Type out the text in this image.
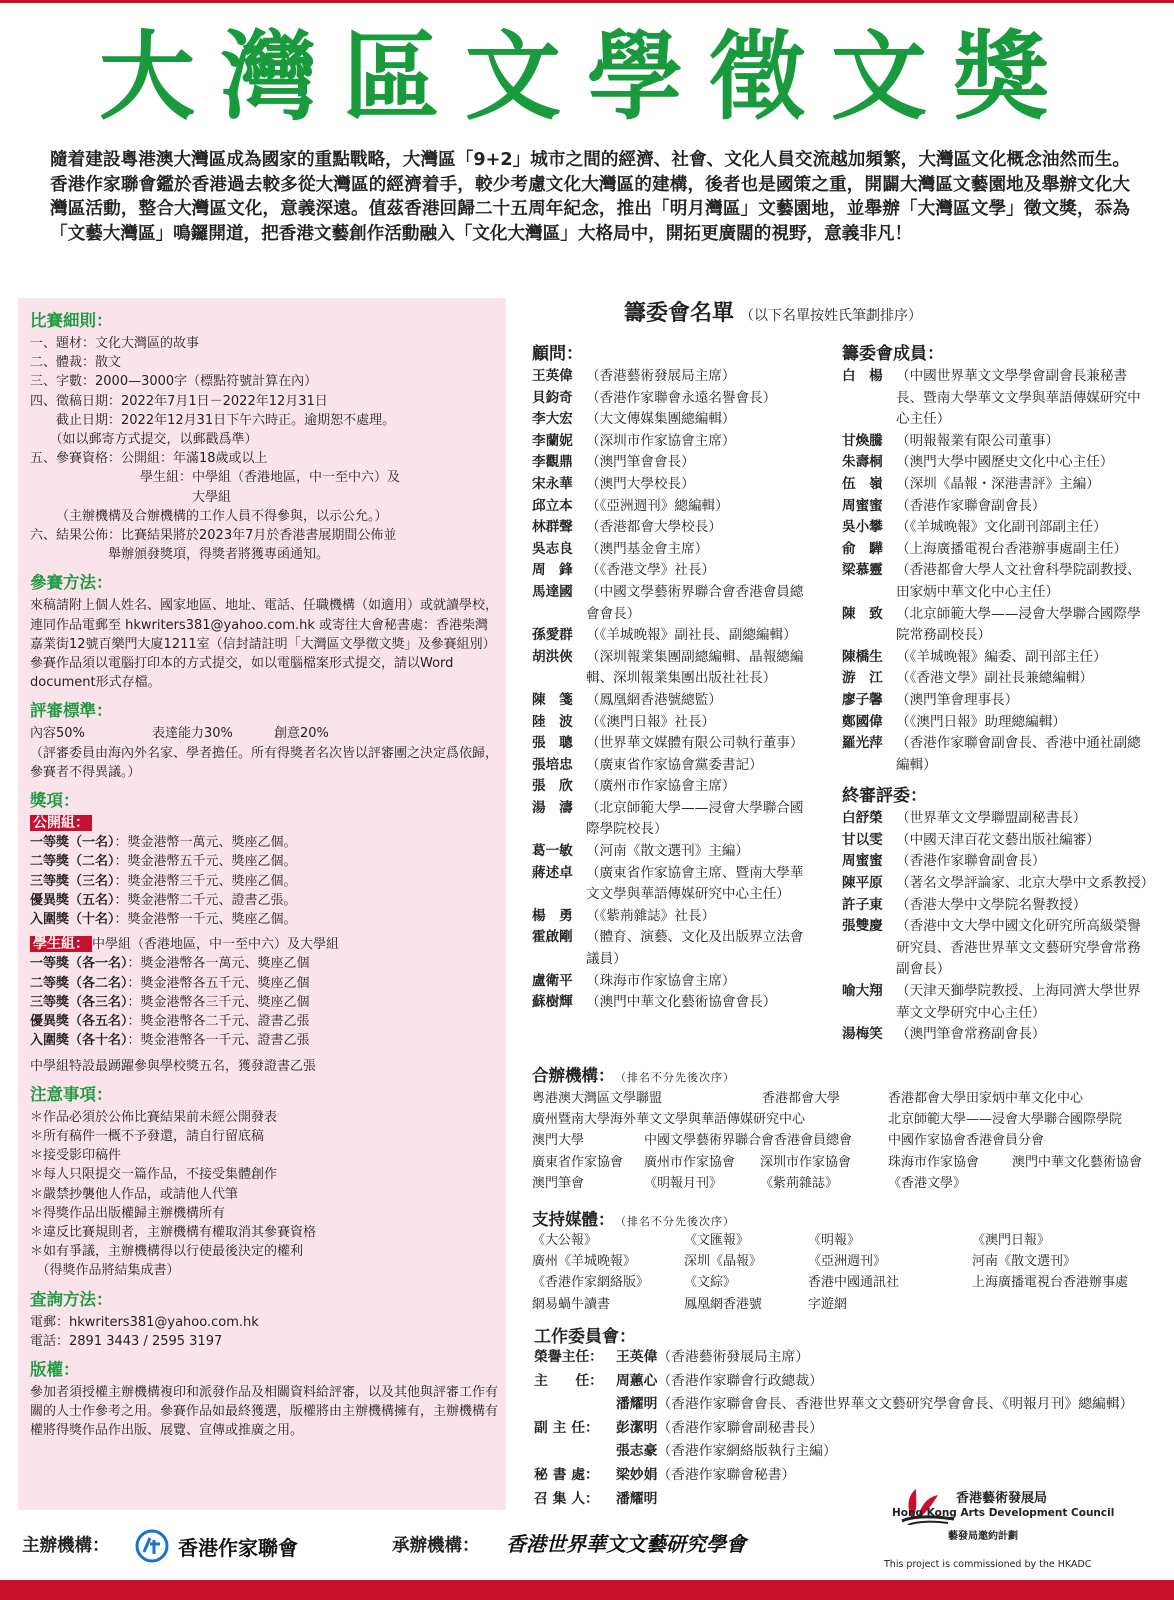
大灣區文學徵文獎
隨着建設粵港澳大灣區成為國家的重點戰略，大灣區「9+2」城市之間的經濟、社會、文化人員交流越加頻繁，大灣區文化概念油然而生。香港作家聯會鑑於香港過去較多從大灣區的經濟着手，較少考慮文化大灣區的建構，後者也是國策之重，開闢大灣區文藝園地及舉辦文化大灣區活動，整合大灣區文化，意義深遠。值茲香港回歸二十五周年紀念，推出「明月灣區」文藝園地，並舉辦「大灣區文學」徵文獎，忝為「文藝大灣區」鳴鑼開道，把香港文藝創作活動融入「文化大灣區」大格局中，開拓更廣闊的視野，意義非凡！
比賽細則：
一、題材：文化大灣區的故事
二、體裁：散文
三、字數：2000—3000字（標點符號計算在內）
四、徵稿日期：2022年7月1日－2022年12月31日
　　截止日期：2022年12月31日下午六時正。逾期恕不處理。
　　（如以郵寄方式提交，以郵戳爲準）
五、參賽資格：公開組：年滿18歲或以上
學生組：中學組（香港地區，中一至中六）及
　　　　大學組
（主辦機構及合辦機構的工作人員不得參與，以示公允。）
六、結果公佈：比賽結果將於2023年7月於香港書展期間公佈並
　　　　　　舉辦頒發獎項，得獎者將獲專函通知。
參賽方法：
來稿請附上個人姓名、國家地區、地址、電話、任職機構（如適用）或就讀學校，連同作品電郵至 hkwriters381@yahoo.com.hk 或寄往大會秘書處：香港柴灣嘉業街12號百樂門大廈1211室（信封請註明「大灣區文學徵文獎」及參賽組別）參賽作品須以電腦打印本的方式提交，如以電腦檔案形式提交，請以Word document形式存檔。
評審標準：
內容50%	表達能力30%	創意20%
（評審委員由海內外名家、學者擔任。所有得獎者名次皆以評審團之決定爲依歸，參賽者不得異議。）
獎項：
公開組：
一等獎（一名）：獎金港幣一萬元、獎座乙個。
二等獎（二名）：獎金港幣五千元、獎座乙個。
三等獎（三名）：獎金港幣三千元、獎座乙個。
優異獎（五名）：獎金港幣二千元、證書乙張。
入圍獎（十名）：獎金港幣一千元、獎座乙個。
學生組： 中學組（香港地區，中一至中六）及大學組
一等獎（各一名）：獎金港幣各一萬元、獎座乙個
二等獎（各二名）：獎金港幣各五千元、獎座乙個
三等獎（各三名）：獎金港幣各三千元、獎座乙個
優異獎（各五名）：獎金港幣各二千元、證書乙張
入圍獎（各十名）：獎金港幣各一千元、證書乙張
中學組特設最踴躍參與學校獎五名，獲發證書乙張
注意事項：
＊作品必須於公佈比賽結果前未經公開發表
＊所有稿件一概不予發還，請自行留底稿
＊接受影印稿件
＊每人只限提交一篇作品，不接受集體創作
＊嚴禁抄襲他人作品，或請他人代筆
＊得獎作品出版權歸主辦機構所有
＊違反比賽規則者，主辦機構有權取消其參賽資格
＊如有爭議，主辦機構得以行使最後決定的權利
　（得獎作品將結集成書）
查詢方法：
電郵：hkwriters381@yahoo.com.hk
電話：2891 3443 / 2595 3197
版權：
參加者須授權主辦機構複印和派發作品及相關資料給評審，以及其他與評審工作有關的人士作參考之用。參賽作品如最終獲選，版權將由主辦機構擁有，主辦機構有權將得獎作品作出版、展覽、宣傳或推廣之用。
籌委會名單 （以下名單按姓氏筆劃排序）
顧問：
王英偉 （香港藝術發展局主席）
貝鈞奇 （香港作家聯會永遠名譽會長）
李大宏 （大文傳媒集團總編輯）
李蘭妮 （深圳市作家協會主席）
李觀鼎 （澳門筆會會長）
宋永華 （澳門大學校長）
邱立本 （《亞洲週刊》總編輯）
林群聲 （香港都會大學校長）
吳志良 （澳門基金會主席）
周　鋒 （《香港文學》社長）
馬達國 （中國文學藝術界聯合會香港會員總會會長）
孫愛群 （《羊城晚報》副社長、副總編輯）
胡洪俠 （深圳報業集團副總編輯、晶報總編輯、深圳報業集團出版社社長）
陳　箋 （鳳凰網香港號總監）
陸　波 （《澳門日報》社長）
張　聰 （世界華文媒體有限公司執行董事）
張培忠 （廣東省作家協會黨委書記）
張　欣 （廣州市作家協會主席）
湯　濤 （北京師範大學——浸會大學聯合國際學院校長）
葛一敏 （河南《散文選刊》主編）
蔣述卓 （廣東省作家協會主席、暨南大學華文文學與華語傳媒研究中心主任）
楊　勇 （《紫荊雜誌》社長）
霍啟剛 （體育、演藝、文化及出版界立法會議員）
盧衛平 （珠海市作家協會主席）
蘇樹輝 （澳門中華文化藝術協會會長）
籌委會成員：
白　楊 （中國世界華文文學學會副會長兼秘書長、暨南大學華文文學與華語傳媒研究中心主任）
甘煥騰 （明報報業有限公司董事）
朱壽桐 （澳門大學中國歷史文化中心主任）
伍　嶺 （深圳《晶報・深港書評》主編）
周蜜蜜 （香港作家聯會副會長）
吳小攀 （《羊城晚報》文化副刊部副主任）
俞　驊 （上海廣播電視台香港辦事處副主任）
梁慕靈 （香港都會大學人文社會科學院副教授、田家炳中華文化中心主任）
陳　致 （北京師範大學——浸會大學聯合國際學院常務副校長）
陳橋生 （《羊城晚報》編委、副刊部主任）
游　江 （《香港文學》副社長兼總編輯）
廖子馨 （澳門筆會理事長）
鄭國偉 （《澳門日報》助理總編輯）
羅光萍 （香港作家聯會副會長、香港中通社副總編輯）
終審評委：
白舒榮 （世界華文文學聯盟副秘書長）
甘以雯 （中國天津百花文藝出版社編審）
周蜜蜜 （香港作家聯會副會長）
陳平原 （著名文學評論家、北京大學中文系教授）
許子東 （香港大學中文學院名譽教授）
張雙慶 （香港中文大學中國文化研究所高級榮譽研究員、香港世界華文文藝研究學會常務副會長）
喻大翔 （天津天獅學院教授、上海同濟大學世界華文文學研究中心主任）
湯梅笑 （澳門筆會常務副會長）
合辦機構： （排名不分先後次序）
粵港澳大灣區文學聯盟	香港都會大學	香港都會大學田家炳中華文化中心
廣州暨南大學海外華文文學與華語傳媒研究中心	北京師範大學——浸會大學聯合國際學院
澳門大學	中國文學藝術界聯合會香港會員總會	中國作家協會香港會員分會
廣東省作家協會	廣州市作家協會	深圳市作家協會	珠海市作家協會	澳門中華文化藝術協會
澳門筆會	《明報月刊》	《紫荊雜誌》	《香港文學》
支持媒體： （排名不分先後次序）
《大公報》	《文匯報》	《明報》	《澳門日報》
廣州《羊城晚報》	深圳《晶報》	《亞洲週刊》	河南《散文選刊》
《香港作家網絡版》	《文綜》	香港中國通訊社	上海廣播電視台香港辦事處
網易蝸牛讀書	鳳凰網香港號	字遊網
工作委員會：
榮譽主任： 王英偉 （香港藝術發展局主席）
主　　任： 周蕙心 （香港作家聯會行政總裁）
潘耀明 （香港作家聯會會長、香港世界華文文藝研究學會會長、《明報月刊》總編輯）
副 主 任：	彭潔明 （香港作家聯會副秘書長）
張志豪 （香港作家網絡版執行主編）
秘 書 處：	梁妙娟 （香港作家聯會秘書）
召 集 人：	潘耀明	香港藝術發展局
Hong Kong Arts Development Council
藝發局邀約計劃
This project is commissioned by the HKADC
主辦機構：	香港作家聯會	承辦機構： 香港世界華文文藝研究學會
